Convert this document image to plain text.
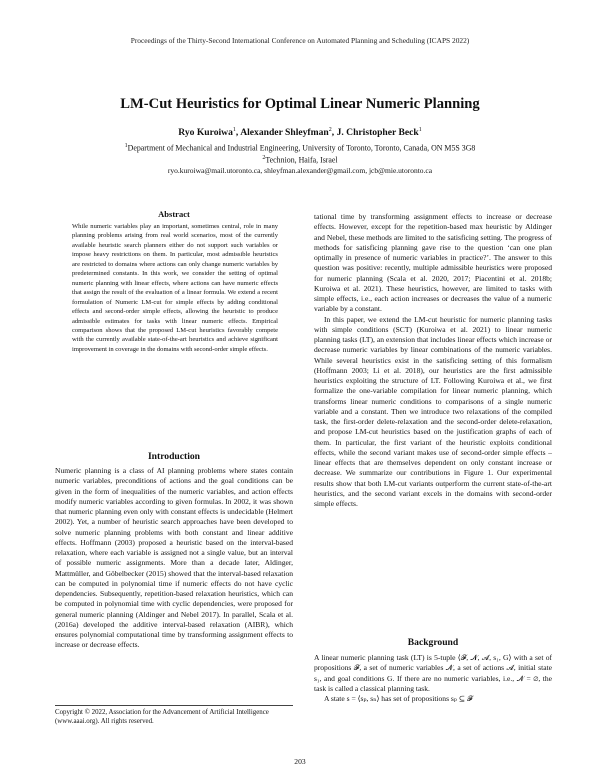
Proceedings of the Thirty-Second International Conference on Automated Planning and Scheduling (ICAPS 2022)
LM-Cut Heuristics for Optimal Linear Numeric Planning
Ryo Kuroiwa$^1$, Alexander Shleyfman$^2$, J. Christopher Beck$^1$
$^1$Department of Mechanical and Industrial Engineering, University of Toronto, Toronto, Canada, ON M5S 3G8
$^2$Technion, Haifa, Israel
ryo.kuroiwa@mail.utoronto.ca, shleyfman.alexander@gmail.com, jcb@mie.utoronto.ca
Abstract
While numeric variables play an important, sometimes central, role in many planning problems arising from real world scenarios, most of the currently available heuristic search planners either do not support such variables or impose heavy restrictions on them. In particular, most admissible heuristics are restricted to domains where actions can only change numeric variables by predetermined constants. In this work, we consider the setting of optimal numeric planning with linear effects, where actions can have numeric effects that assign the result of the evaluation of a linear formula. We extend a recent formulation of Numeric LM-cut for simple effects by adding conditional effects and second-order simple effects, allowing the heuristic to produce admissible estimates for tasks with linear numeric effects. Empirical comparison shows that the proposed LM-cut heuristics favorably compete with the currently available state-of-the-art heuristics and achieve significant improvement in coverage in the domains with second-order simple effects.
Introduction
Numeric planning is a class of AI planning problems where states contain numeric variables, preconditions of actions and the goal conditions can be given in the form of inequalities of the numeric variables, and action effects modify numeric variables according to given formulas. In 2002, it was shown that numeric planning even only with constant effects is undecidable (Helmert 2002). Yet, a number of heuristic search approaches have been developed to solve numeric planning problems with both constant and linear additive effects. Hoffmann (2003) proposed a heuristic based on the interval-based relaxation, where each variable is assigned not a single value, but an interval of possible numeric assignments. More than a decade later, Aldinger, Mattmüller, and Göbelbecker (2015) showed that the interval-based relaxation can be computed in polynomial time if numeric effects do not have cyclic dependencies. Subsequently, repetition-based relaxation heuristics, which can be computed in polynomial time with cyclic dependencies, were proposed for general numeric planning (Aldinger and Nebel 2017). In parallel, Scala et al. (2016a) developed the additive interval-based relaxation (AIBR), which ensures polynomial computational time by transforming assignment effects to increase or decrease effects.
tational time by transforming assignment effects to increase or decrease effects. However, except for the repetition-based max heuristic by Aldinger and Nebel, these methods are limited to the satisficing setting. The progress of methods for satisficing planning gave rise to the question ‘can one plan optimally in presence of numeric variables in practice?’. The answer to this question was positive: recently, multiple admissible heuristics were proposed for numeric planning (Scala et al. 2020, 2017; Piacentini et al. 2018b; Kuroiwa et al. 2021). These heuristics, however, are limited to tasks with simple effects, i.e., each action increases or decreases the value of a numeric variable by a constant.
In this paper, we extend the LM-cut heuristic for numeric planning tasks with simple conditions (SCT) (Kuroiwa et al. 2021) to linear numeric planning tasks (LT), an extension that includes linear effects which increase or decrease numeric variables by linear combinations of the numeric variables. While several heuristics exist in the satisficing setting of this formalism (Hoffmann 2003; Li et al. 2018), our heuristics are the first admissible heuristics exploiting the structure of LT. Following Kuroiwa et al., we first formalize the one-variable compilation for linear numeric planning, which transforms linear numeric conditions to comparisons of a single numeric variable and a constant. Then we introduce two relaxations of the compiled task, the first-order delete-relaxation and the second-order delete-relaxation, and propose LM-cut heuristics based on the justification graphs of each of them. In particular, the first variant of the heuristic exploits conditional effects, while the second variant makes use of second-order simple effects – linear effects that are themselves dependent on only constant increase or decrease. We summarize our contributions in Figure 1. Our experimental results show that both LM-cut variants outperform the current state-of-the-art heuristics, and the second variant excels in the domains with second-order simple effects.
Background
A linear numeric planning task (LT) is 5-tuple ⟨𝓕, 𝓝, 𝓐, s₁, G⟩ with a set of propositions 𝓕, a set of numeric variables 𝓝, a set of actions 𝓐, initial state s₁, and goal conditions G. If there are no numeric variables, i.e., 𝓝 = ∅, the task is called a classical planning task.
A state s = ⟨sₚ, sₙ⟩ has set of propositions sₚ ⊆ 𝓕
Copyright © 2022, Association for the Advancement of Artificial Intelligence (www.aaai.org). All rights reserved.
203
